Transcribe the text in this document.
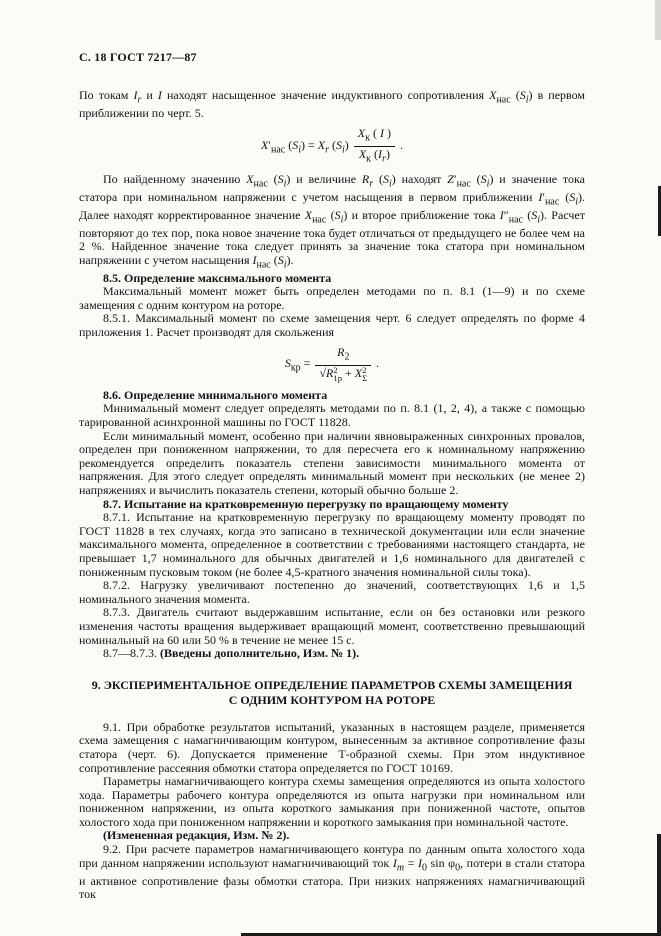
С. 18 ГОСТ 7217—87

По токам $I_r$ и I находят насыщенное значение индуктивного сопротивления $X_{нас}$ $(S_i)$ в первом приближении по черт. 5.

$X'_{нас}$ $(S_i) = X_r$ $(S_i) \frac{X_к ( I )}{X_к (I_r)}$ .

По найденному значению $X_{нас}$ $(S_i)$ и величине $R_r$ $(S_i)$ находят $Z'_{нас}$ $(S_i)$ и значение тока статора при номинальном напряжении с учетом насыщения в первом приближении $I'_{нас}$ $(S_i)$. Далее находят корректированное значение $X_{нас}$ $(S_i)$ и второе приближение тока $I''_{нас}$ $(S_i)$. Расчет повторяют до тех пор, пока новое значение тока будет отличаться от предыдущего не более чем на 2 %. Найденное значение тока следует принять за значение тока статора при номинальном напряжении с учетом насыщения $I_{нас}$ $(S_i)$.

8.5. Определение максимального момента

Максимальный момент может быть определен методами по п. 8.1 (1—9) и по схеме замещения с одним контуром на роторе.

8.5.1. Максимальный момент по схеме замещения черт. 6 следует определять по форме 4 приложения 1. Расчет производят для скольжения

$S_{кр} = R_2$
√R 2
1р + X 2
Σ .

8.6. Определение минимального момента

Минимальный момент следует определять методами по п. 8.1 (1, 2, 4), а также с помощью тарированной асинхронной машины по ГОСТ 11828.

Если минимальный момент, особенно при наличии явновыраженных синхронных провалов, определен при пониженном напряжении, то для пересчета его к номинальному напряжению рекомендуется определить показатель степени зависимости минимального момента от напряжения. Для этого следует определять минимальный момент при нескольких (не менее 2) напряжениях и вычислить показатель степени, который обычно больше 2.

8.7. Испытание на кратковременную перегрузку по вращающему моменту

8.7.1. Испытание на кратковременную перегрузку по вращающему моменту проводят по ГОСТ 11828 в тех случаях, когда это записано в технической документации или если значение максимального момента, определенное в соответствии с требованиями настоящего стандарта, не превышает 1,7 номинального для обычных двигателей и 1,6 номинального для двигателей с пониженным пусковым током (не более 4,5-кратного значения номинальной силы тока).

8.7.2. Нагрузку увеличивают постепенно до значений, соответствующих 1,6 и 1,5 номинального значения момента.

8.7.3. Двигатель считают выдержавшим испытание, если он без остановки или резкого изменения частоты вращения выдерживает вращающий момент, соответственно превышающий номинальный на 60 или 50 % в течение не менее 15 с.

8.7—8.7.3. (Введены дополнительно, Изм. № 1).

9. ЭКСПЕРИМЕНТАЛЬНОЕ ОПРЕДЕЛЕНИЕ ПАРАМЕТРОВ СХЕМЫ ЗАМЕЩЕНИЯ
С ОДНИМ КОНТУРОМ НА РОТОРЕ

9.1. При обработке результатов испытаний, указанных в настоящем разделе, применяется схема замещения с намагничивающим контуром, вынесенным за активное сопротивление фазы статора (черт. 6). Допускается применение Т-образной схемы. При этом индуктивное сопротивление рассеяния обмотки статора определяется по ГОСТ 10169.

Параметры намагничивающего контура схемы замещения определяются из опыта холостого хода. Параметры рабочего контура определяются из опыта нагрузки при номинальном или пониженном напряжении, из опыта короткого замыкания при пониженной частоте, опытов холостого хода при пониженном напряжении и короткого замыкания при номинальной частоте.

(Измененная редакция, Изм. № 2).

9.2. При расчете параметров намагничивающего контура по данным опыта холостого хода при данном напряжении используют намагничивающий ток $I_m = I_0$ $\sin \varphi_0$, потери в стали статора и активное сопротивление фазы обмотки статора. При низких напряжениях намагничивающий ток
